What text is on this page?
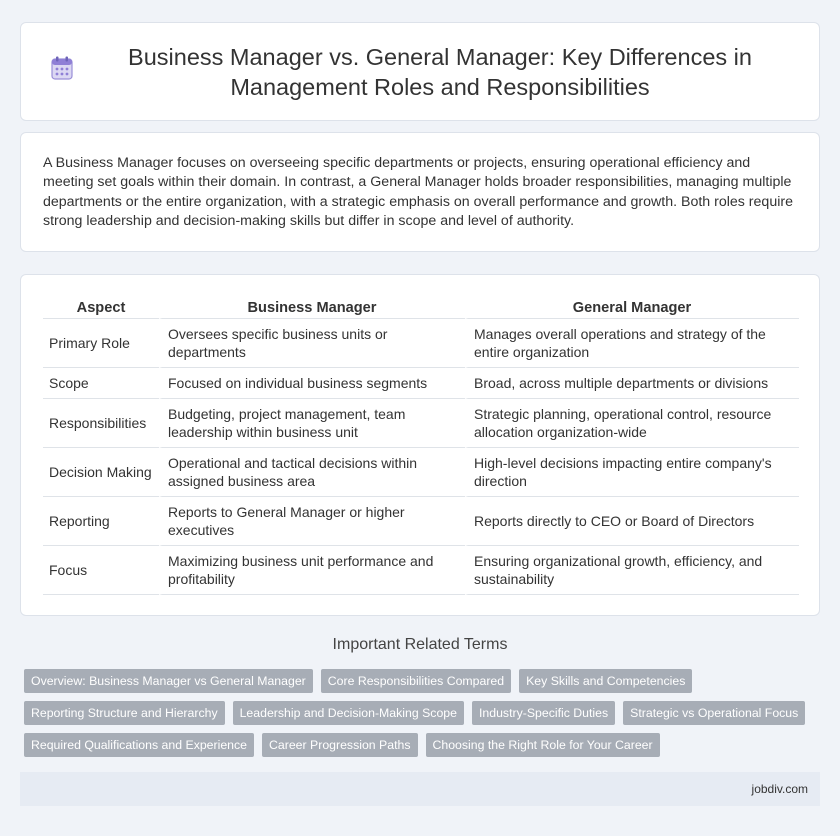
Business Manager vs. General Manager: Key Differences in Management Roles and Responsibilities

A Business Manager focuses on overseeing specific departments or projects, ensuring operational efficiency and meeting set goals within their domain. In contrast, a General Manager holds broader responsibilities, managing multiple departments or the entire organization, with a strategic emphasis on overall performance and growth. Both roles require strong leadership and decision-making skills but differ in scope and level of authority.

Aspect	Business Manager	General Manager
Primary Role	Oversees specific business units or departments	Manages overall operations and strategy of the entire organization
Scope	Focused on individual business segments	Broad, across multiple departments or divisions
Responsibilities	Budgeting, project management, team leadership within business unit	Strategic planning, operational control, resource allocation organization-wide
Decision Making	Operational and tactical decisions within assigned business area	High-level decisions impacting entire company's direction
Reporting	Reports to General Manager or higher executives	Reports directly to CEO or Board of Directors
Focus	Maximizing business unit performance and profitability	Ensuring organizational growth, efficiency, and sustainability
Important Related Terms
Overview: Business Manager vs General Manager	Core Responsibilities Compared	Key Skills and Competencies
Reporting Structure and Hierarchy	Leadership and Decision-Making Scope	Industry-Specific Duties	Strategic vs Operational Focus
Required Qualifications and Experience	Career Progression Paths	Choosing the Right Role for Your Career
jobdiv.com
